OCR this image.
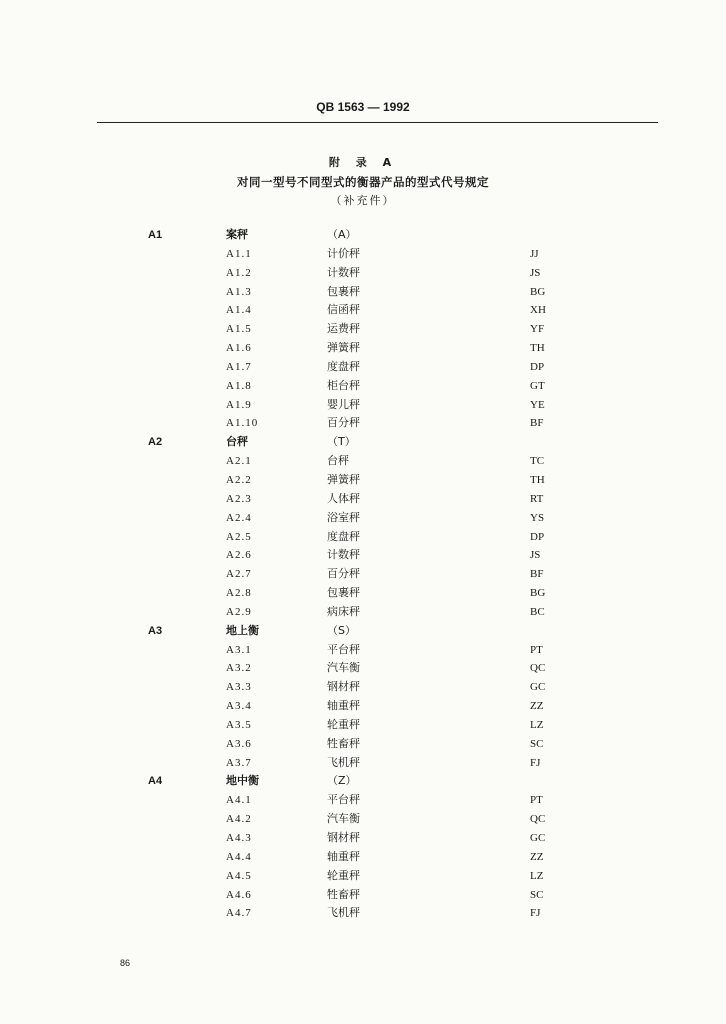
QB 1563 — 1992
附 录 A
对同一型号不同型式的衡器产品的型式代号规定
（补充件）
A1	案秤	（A）
A1.1	计价秤	JJ
A1.2	计数秤	JS
A1.3	包裹秤	BG
A1.4	信函秤	XH
A1.5	运费秤	YF
A1.6	弹簧秤	TH
A1.7	度盘秤	DP
A1.8	柜台秤	GT
A1.9	婴儿秤	YE
A1.10	百分秤	BF
A2	台秤	（T）
A2.1	台秤	TC
A2.2	弹簧秤	TH
A2.3	人体秤	RT
A2.4	浴室秤	YS
A2.5	度盘秤	DP
A2.6	计数秤	JS
A2.7	百分秤	BF
A2.8	包裹秤	BG
A2.9	病床秤	BC
A3	地上衡	（S）
A3.1	平台秤	PT
A3.2	汽车衡	QC
A3.3	钢材秤	GC
A3.4	轴重秤	ZZ
A3.5	轮重秤	LZ
A3.6	牲畜秤	SC
A3.7	飞机秤	FJ
A4	地中衡	（Z）
A4.1	平台秤	PT
A4.2	汽车衡	QC
A4.3	钢材秤	GC
A4.4	轴重秤	ZZ
A4.5	轮重秤	LZ
A4.6	牲畜秤	SC
A4.7	飞机秤	FJ
86
